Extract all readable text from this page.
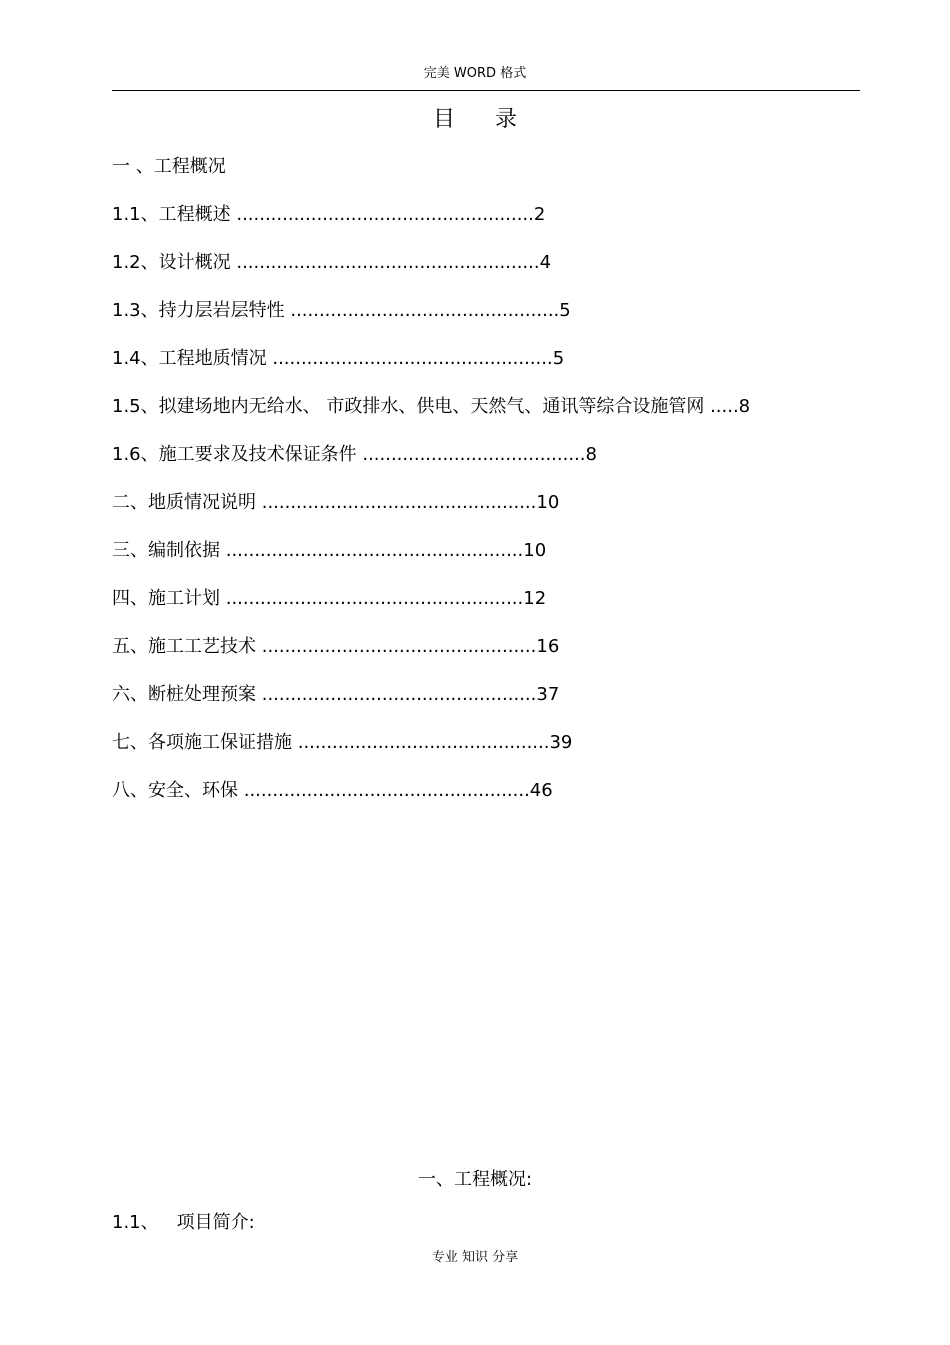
完美 WORD 格式
目录
一 、工程概况
1.1、工程概述 ....................................................2
1.2、设计概况 .....................................................4
1.3、持力层岩层特性 ...............................................5
1.4、工程地质情况 .................................................5
1.5、拟建场地内无给水、 市政排水、供电、天然气、通讯等综合设施管网 .....8
1.6、施工要求及技术保证条件 .......................................8
二、地质情况说明 ................................................10
三、编制依据 ....................................................10
四、施工计划 ....................................................12
五、施工工艺技术 ................................................16
六、断桩处理预案 ................................................37
七、各项施工保证措施 ............................................39
八、安全、环保 ..................................................46
一、工程概况:
1.1、 项目简介:
专业 知识 分享
